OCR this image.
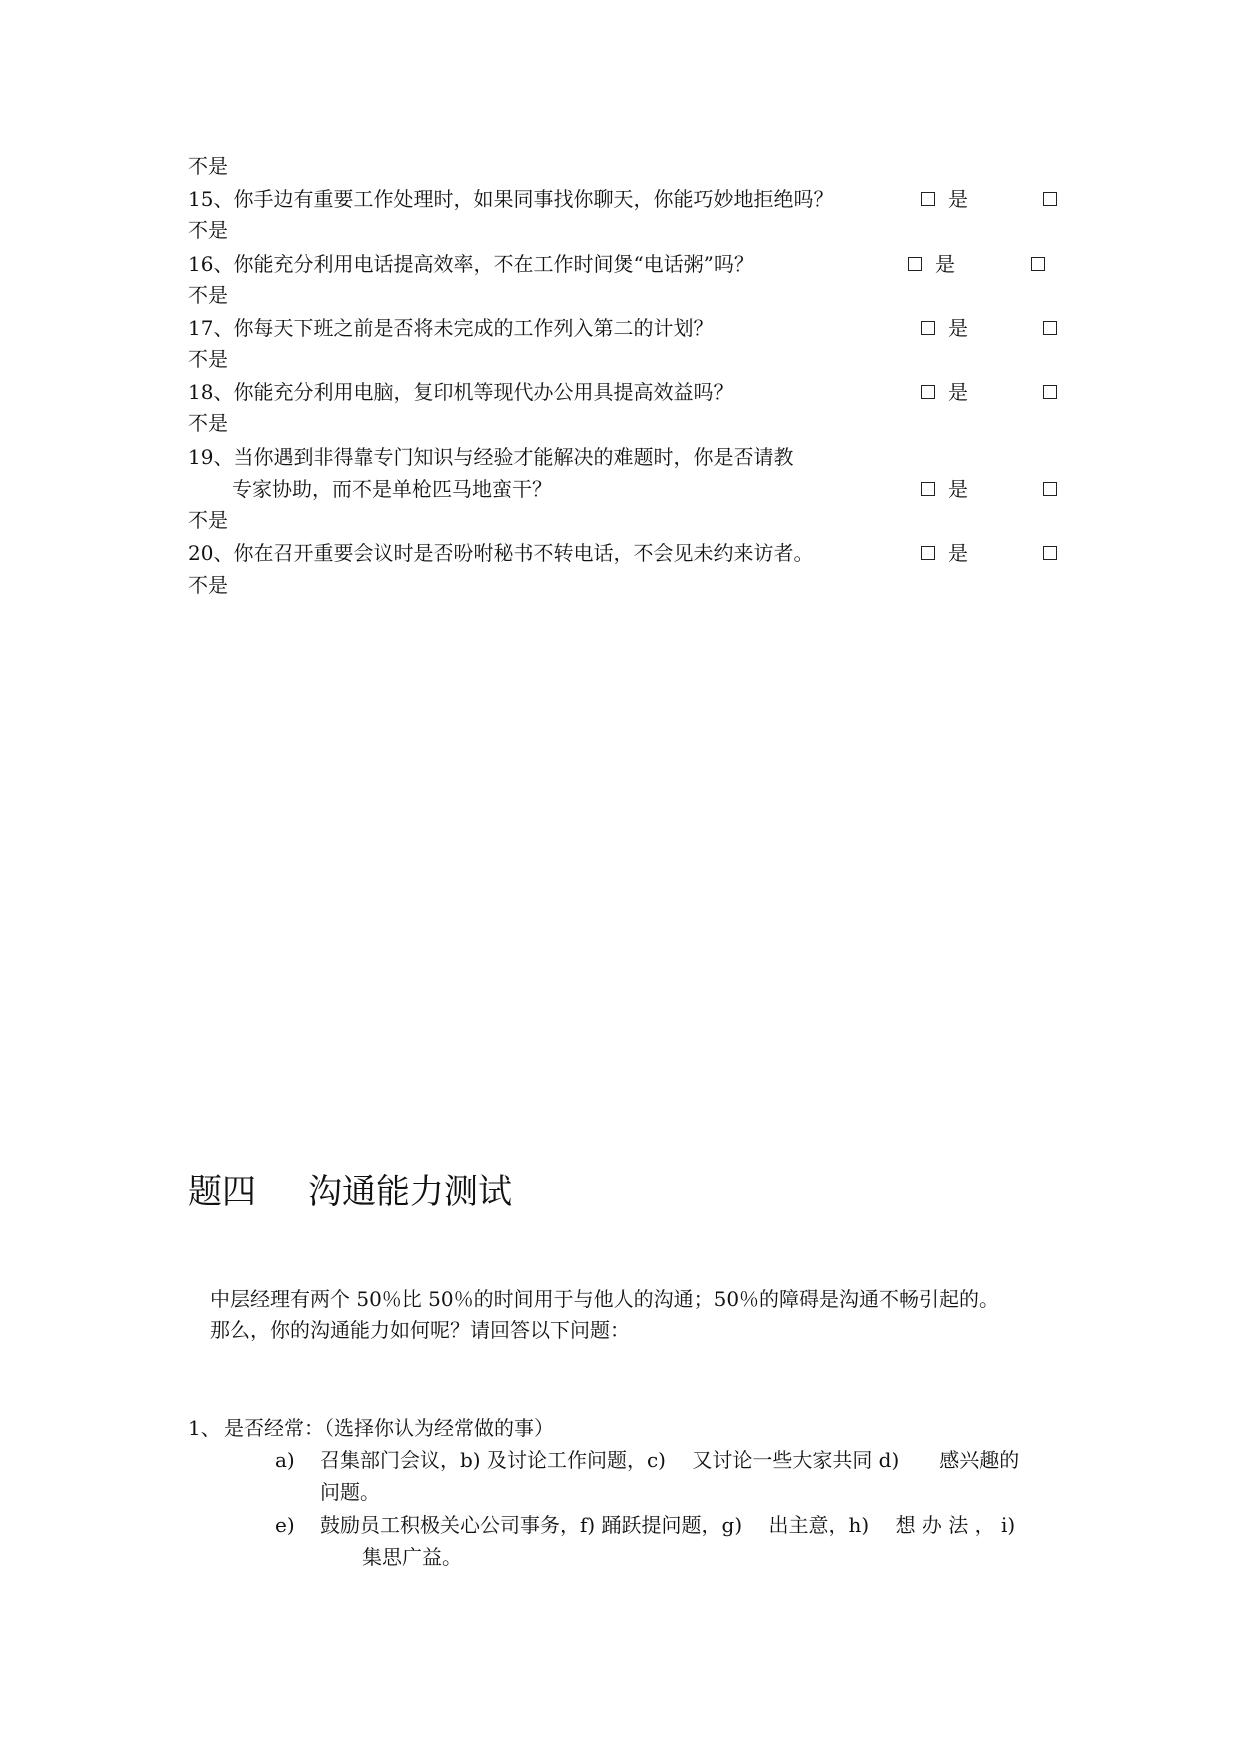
不是
15、你手边有重要工作处理时，如果同事找你聊天，你能巧妙地拒绝吗？	是
不是
16、你能充分利用电话提高效率，不在工作时间煲“电话粥”吗？	是
不是
17、你每天下班之前是否将未完成的工作列入第二的计划？	是
不是
18、你能充分利用电脑，复印机等现代办公用具提高效益吗？	是
不是
19、当你遇到非得靠专门知识与经验才能解决的难题时，你是否请教
专家协助，而不是单枪匹马地蛮干？	是
不是
20、你在召开重要会议时是否吩咐秘书不转电话，不会见未约来访者。	是
不是
题四 沟通能力测试
中层经理有两个 50％比 50％的时间用于与他人的沟通；50％的障碍是沟通不畅引起的。
那么，你的沟通能力如何呢？请回答以下问题：
1、 是否经常：（选择你认为经常做的事）
a) 召集部门会议，b) 及讨论工作问题，c)　 又讨论一些大家共同 d)　　感兴趣的
问题。
e) 鼓励员工积极关心公司事务，f) 踊跃提问题，g)　 出主意，h)　 想 办 法 ， i)
集思广益。
